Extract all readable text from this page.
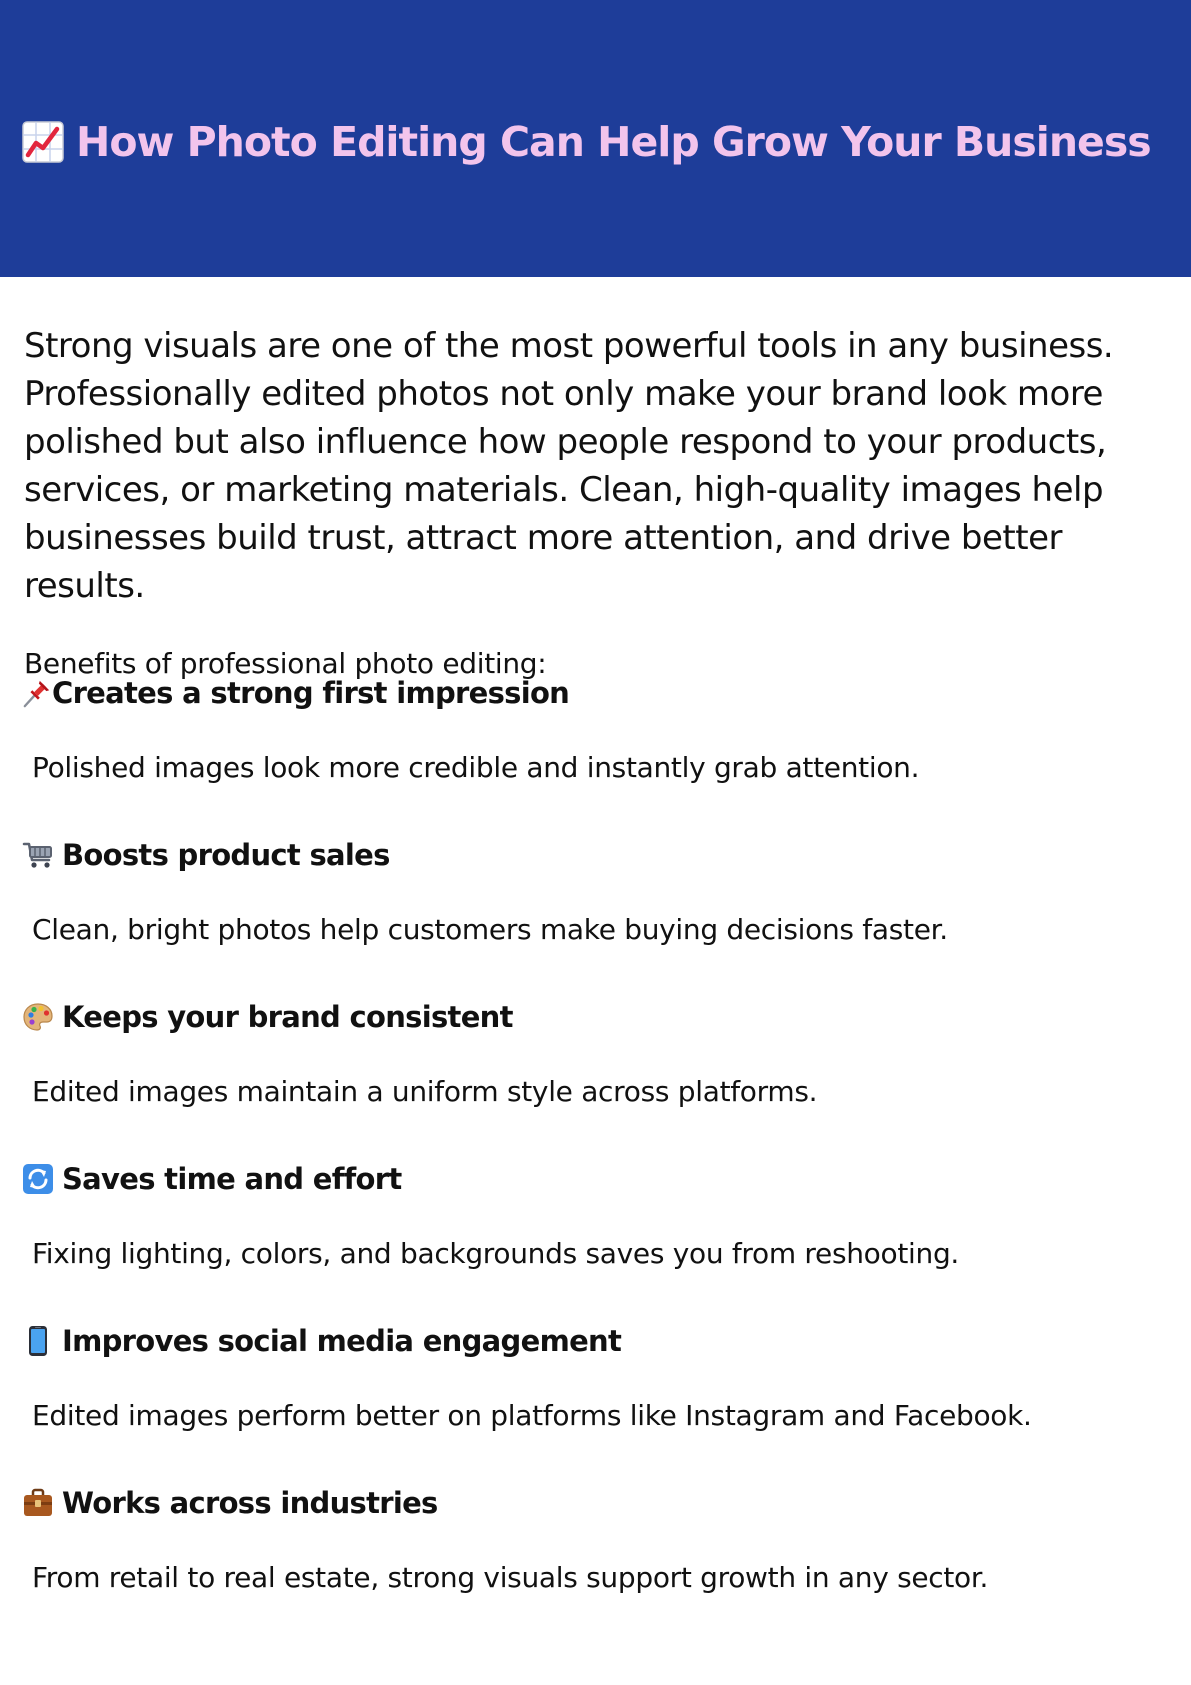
How Photo Editing Can Help Grow Your Business

Strong visuals are one of the most powerful tools in any business. Professionally edited photos not only make your brand look more polished but also influence how people respond to your products, services, or marketing materials. Clean, high-quality images help businesses build trust, attract more attention, and drive better results.

Benefits of professional photo editing:

Creates a strong first impression
Polished images look more credible and instantly grab attention.
Boosts product sales
Clean, bright photos help customers make buying decisions faster.
Keeps your brand consistent
Edited images maintain a uniform style across platforms.
Saves time and effort
Fixing lighting, colors, and backgrounds saves you from reshooting.
Improves social media engagement
Edited images perform better on platforms like Instagram and Facebook.
Works across industries
From retail to real estate, strong visuals support growth in any sector.
